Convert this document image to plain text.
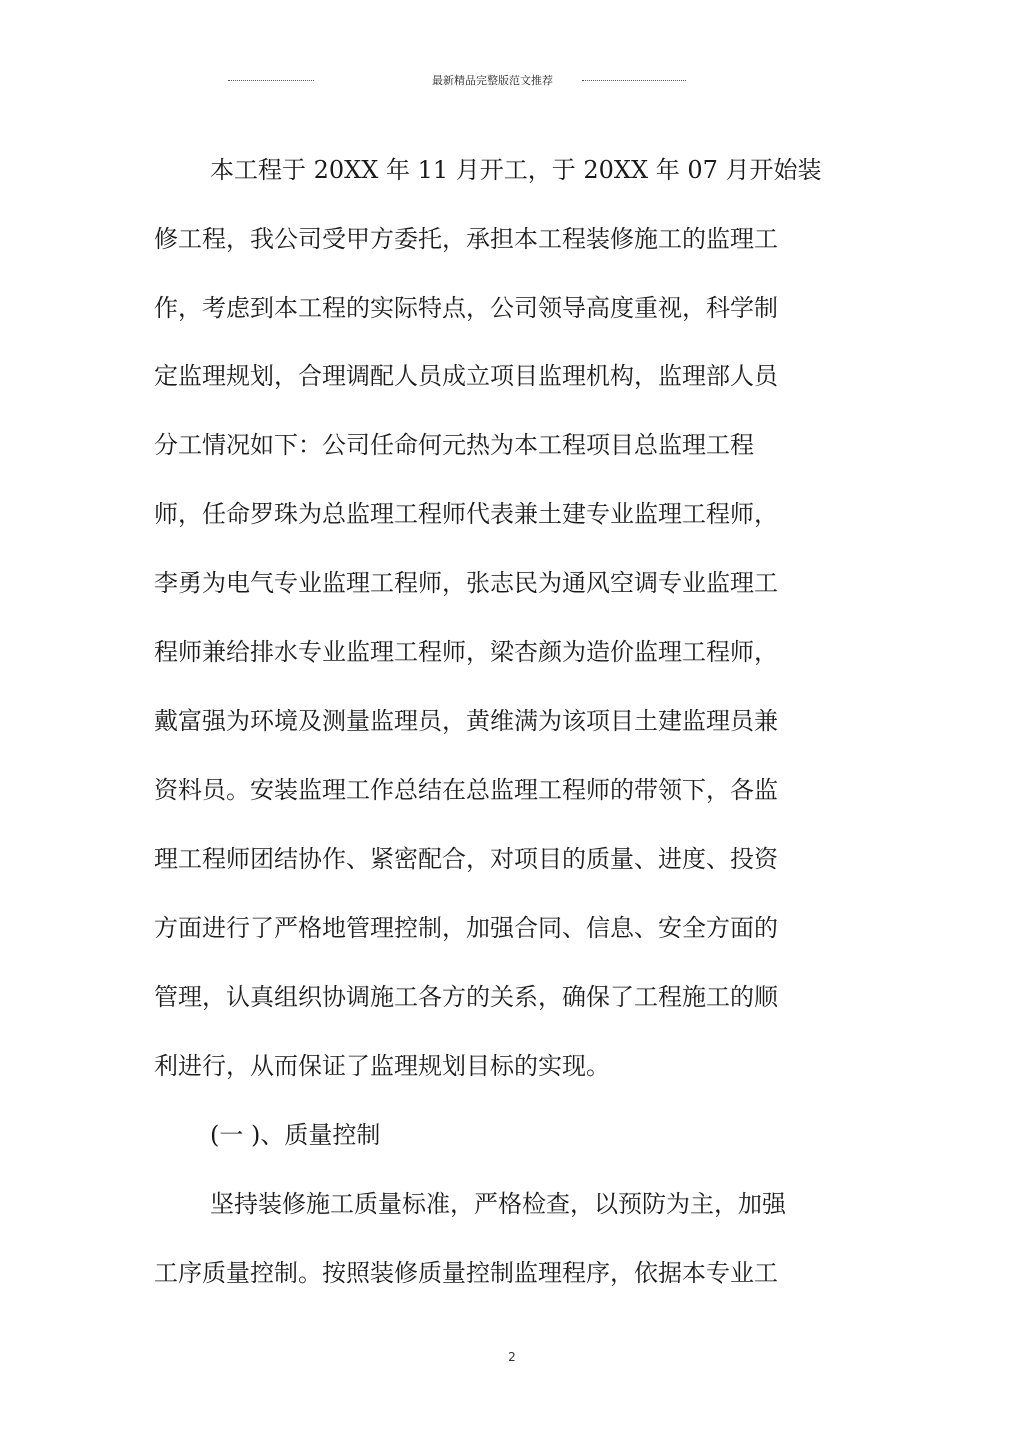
最新精品完整版范文推荐
本工程于 20XX 年 11 月开工，于 20XX 年 07 月开始装
修工程，我公司受甲方委托，承担本工程装修施工的监理工
作，考虑到本工程的实际特点，公司领导高度重视，科学制
定监理规划，合理调配人员成立项目监理机构，监理部人员
分工情况如下：公司任命何元热为本工程项目总监理工程
师，任命罗珠为总监理工程师代表兼土建专业监理工程师，
李勇为电气专业监理工程师，张志民为通风空调专业监理工
程师兼给排水专业监理工程师，梁杏颜为造价监理工程师，
戴富强为环境及测量监理员，黄维满为该项目土建监理员兼
资料员。安装监理工作总结在总监理工程师的带领下，各监
理工程师团结协作、紧密配合，对项目的质量、进度、投资
方面进行了严格地管理控制，加强合同、信息、安全方面的
管理，认真组织协调施工各方的关系，确保了工程施工的顺
利进行，从而保证了监理规划目标的实现。
(一 )、质量控制
坚持装修施工质量标准，严格检查，以预防为主，加强
工序质量控制。按照装修质量控制监理程序，依据本专业工
2
